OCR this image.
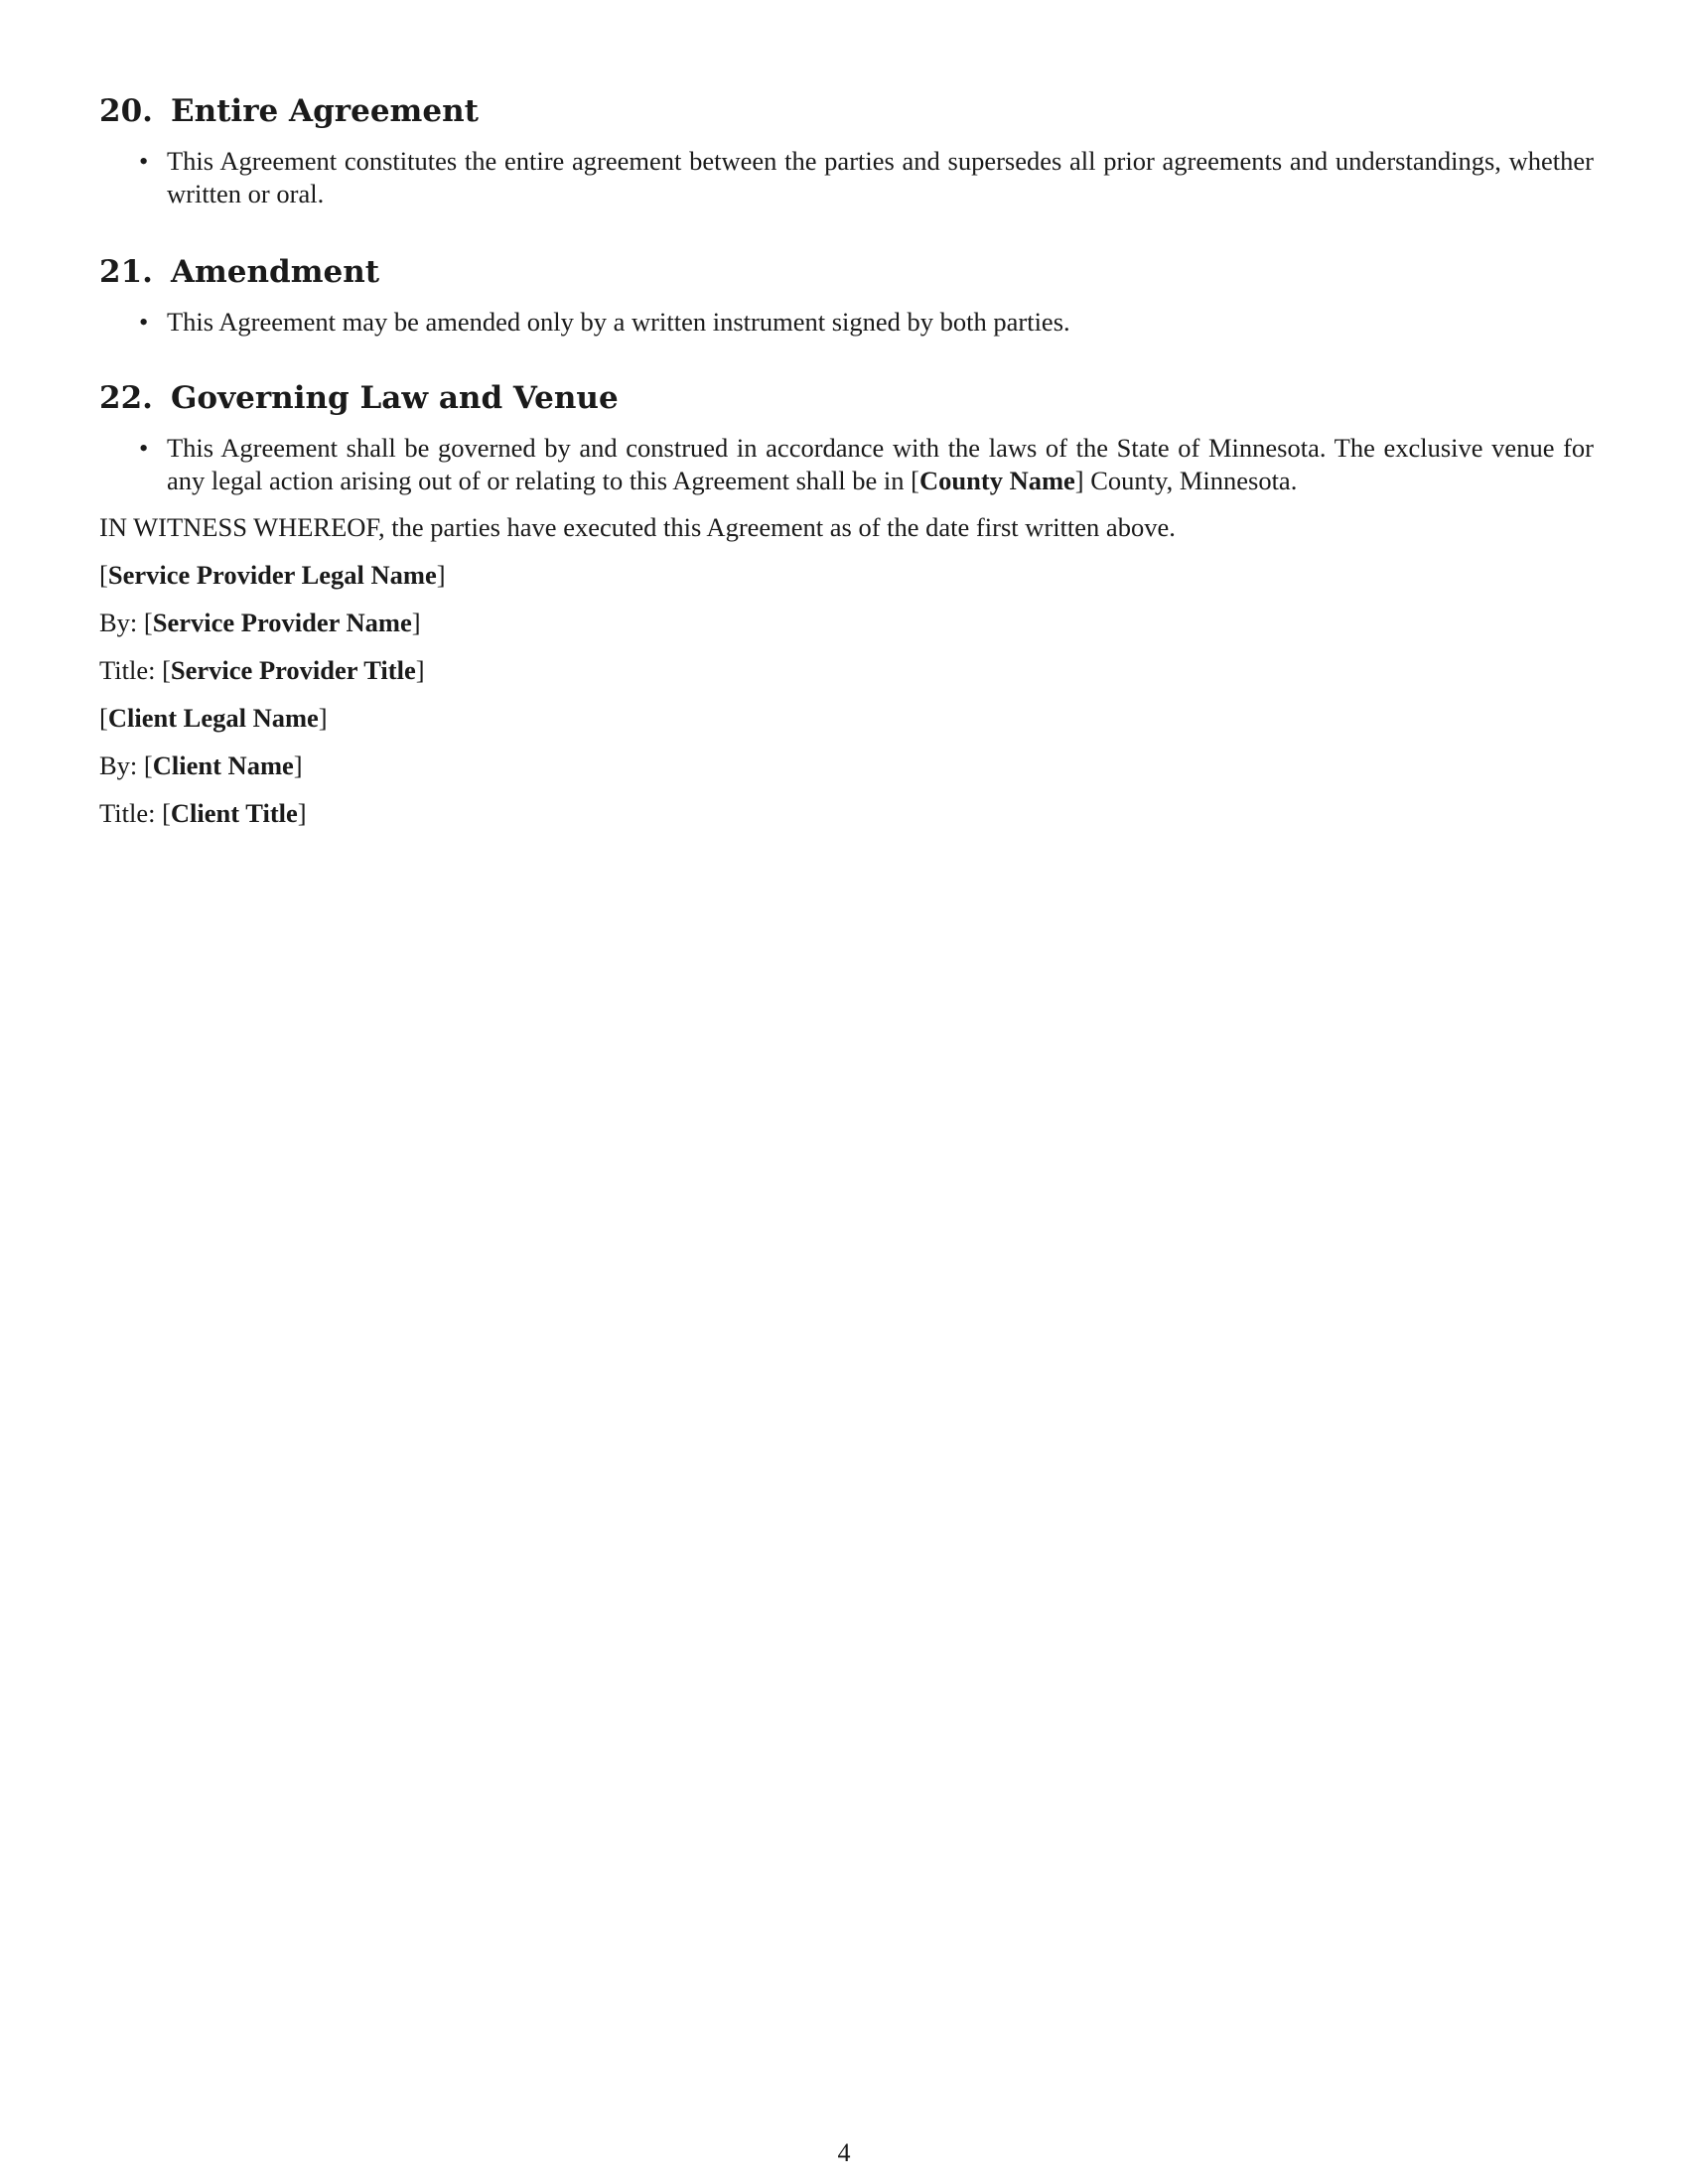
20. Entire Agreement
• This Agreement constitutes the entire agreement between the parties and supersedes all prior agreements and understandings, whether written or oral.
21. Amendment
• This Agreement may be amended only by a written instrument signed by both parties.
22. Governing Law and Venue
• This Agreement shall be governed by and construed in accordance with the laws of the State of Minnesota. The exclusive venue for any legal action arising out of or relating to this Agreement shall be in [County Name] County, Minnesota.

IN WITNESS WHEREOF, the parties have executed this Agreement as of the date first written above.

[Service Provider Legal Name]

By: [Service Provider Name]

Title: [Service Provider Title]

[Client Legal Name]

By: [Client Name]

Title: [Client Title]

4
